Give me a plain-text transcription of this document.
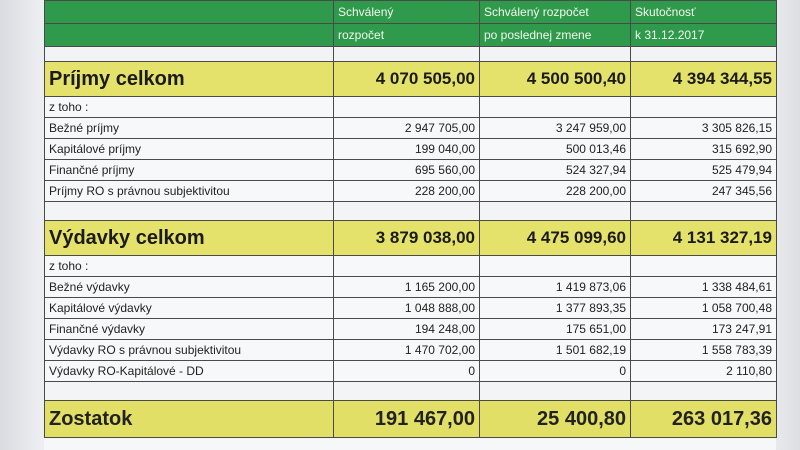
	Schválený	Schválený rozpočet	Skutočnosť
	rozpočet	po poslednej zmene	k 31.12.2017

Príjmy celkom	4 070 505,00	4 500 500,40	4 394 344,55
z toho :			
Bežné príjmy	2 947 705,00	3 247 959,00	3 305 826,15
Kapitálové príjmy	199 040,00	500 013,46	315 692,90
Finančné príjmy	695 560,00	524 327,94	525 479,94
Príjmy RO s právnou subjektivitou	228 200,00	228 200,00	247 345,56

Výdavky celkom	3 879 038,00	4 475 099,60	4 131 327,19
z toho :			
Bežné výdavky	1 165 200,00	1 419 873,06	1 338 484,61
Kapitálové výdavky	1 048 888,00	1 377 893,35	1 058 700,48
Finančné výdavky	194 248,00	175 651,00	173 247,91
Výdavky RO s právnou subjektivitou	1 470 702,00	1 501 682,19	1 558 783,39
Výdavky RO-Kapitálové - DD	0	0	2 110,80

Zostatok	191 467,00	25 400,80	263 017,36
